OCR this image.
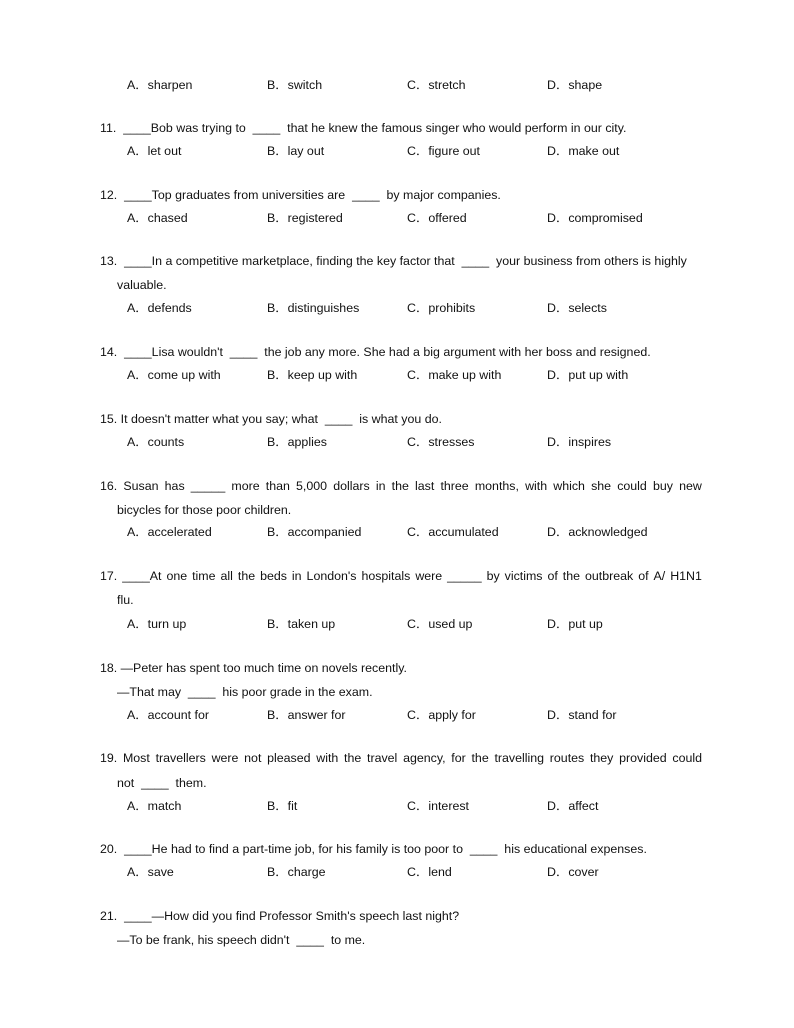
A．sharpen	B．switch	C．stretch	D．shape
11.  ____Bob was trying to  ____  that he knew the famous singer who would perform in our city.
A．let out	B．lay out	C．figure out	D．make out
12.  ____Top graduates from universities are  ____  by major companies.
A．chased	B．registered	C．offered	D．compromised
13.  ____In a competitive marketplace, finding the key factor that  ____  your business from others is highly
valuable.
A．defends	B．distinguishes	C．prohibits	D．selects
14.  ____Lisa wouldn't  ____  the job any more. She had a big argument with her boss and resigned.
A．come up with	B．keep up with	C．make up with	D．put up with
15. It doesn't matter what you say; what  ____  is what you do.
A．counts	B．applies	C．stresses	D．inspires
16. Susan has _____ more than 5,000 dollars in the last three months, with which she could buy new
bicycles for those poor children.
A．accelerated	B．accompanied	C．accumulated	D．acknowledged
17. ____At one time all the beds in London's hospitals were _____ by victims of the outbreak of A/ H1N1
flu.
A．turn up	B．taken up	C．used up	D．put up
18. —Peter has spent too much time on novels recently.
—That may  ____  his poor grade in the exam.
A．account for	B．answer for	C．apply for	D．stand for
19. Most travellers were not pleased with the travel agency, for the travelling routes they provided could
not  ____  them.
A．match	B．fit	C．interest	D．affect
20.  ____He had to find a part-time job, for his family is too poor to  ____  his educational expenses.
A．save	B．charge	C．lend	D．cover
21.  ____—How did you find Professor Smith's speech last night?
—To be frank, his speech didn't  ____  to me.
